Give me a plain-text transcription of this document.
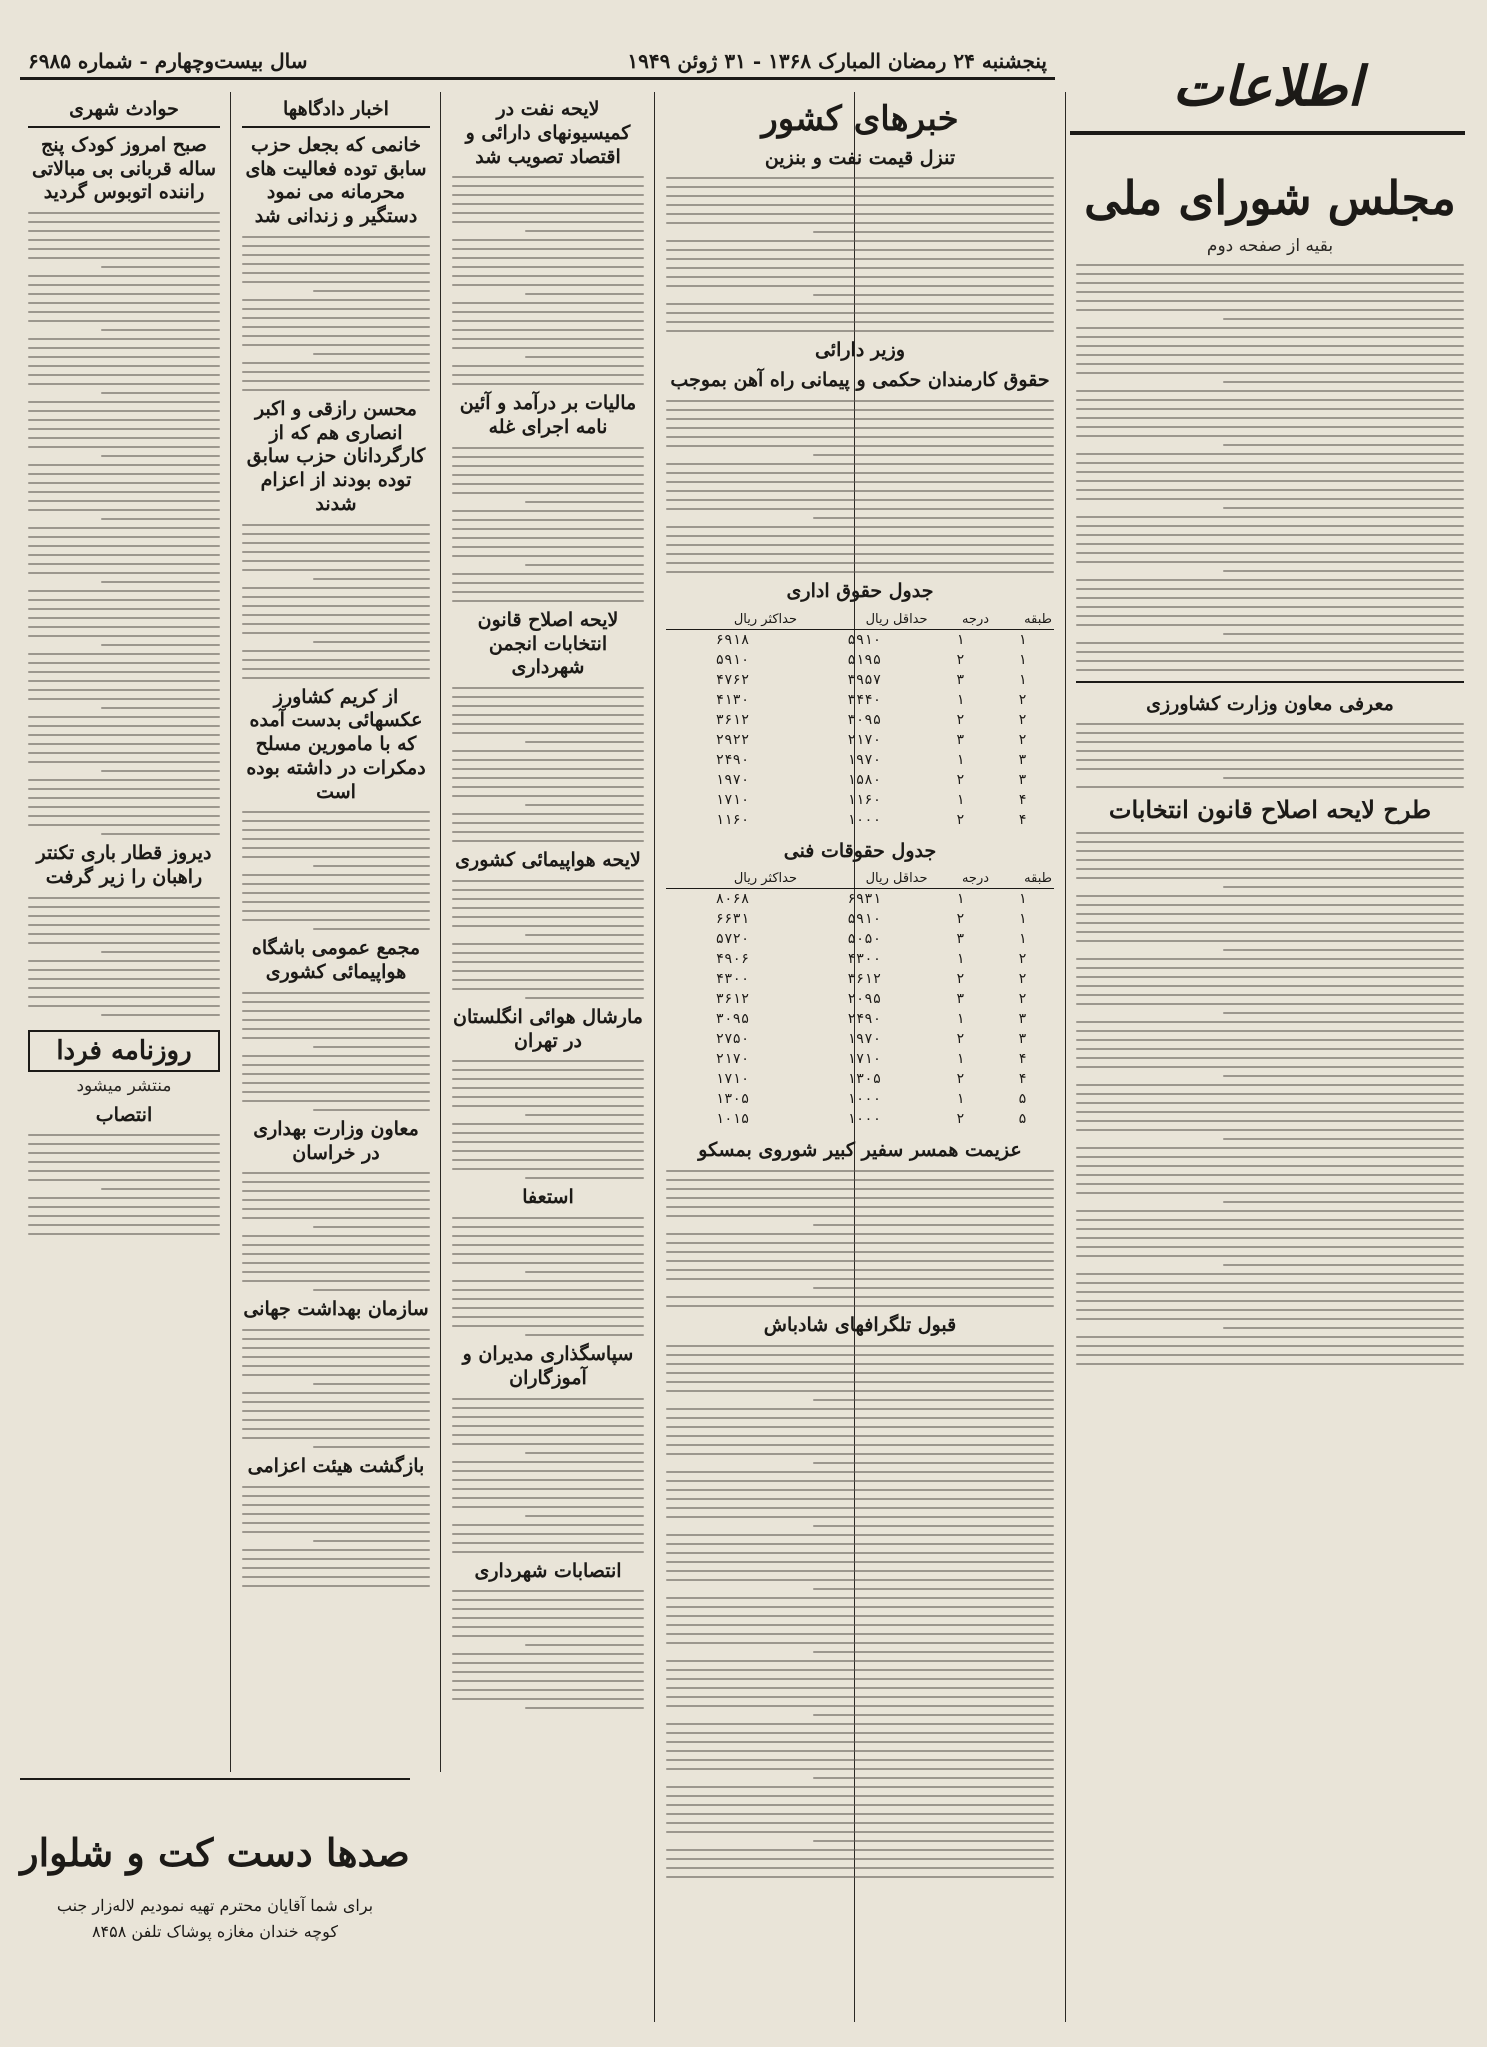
پنجشنبه ۲۴ رمضان المبارک ۱۳۶۸ - ۳۱ ژوئن ۱۹۴۹
سال بیست‌وچهارم - شماره ۶۹۸۵	اطلاعات
مجلس شورای ملی
بقیه از صفحه دوم
معرفی معاون وزارت کشاورزی
طرح لایحه اصلاح قانون انتخابات
خبرهای کشور
تنزل قیمت نفت و بنزین
وزیر دارائی
حقوق کارمندان حکمی و پیمانی راه آهن بموجب
جدول حقوق اداری
طبقه	درجه	حداقل ریال	حداکثر ریال
۱	۱	۵۹۱۰	۶۹۱۸
۱	۲	۵۱۹۵	۵۹۱۰
۱	۳	۳۹۵۷	۴۷۶۲
۲	۱	۳۴۴۰	۴۱۳۰
۲	۲	۳۰۹۵	۳۶۱۲
۲	۳	۲۱۷۰	۲۹۲۲
۳	۱	۱۹۷۰	۲۴۹۰
۳	۲	۱۵۸۰	۱۹۷۰
۴	۱	۱۱۶۰	۱۷۱۰
۴	۲	۱۰۰۰	۱۱۶۰
جدول حقوقات فنی
طبقه	درجه	حداقل ریال	حداکثر ریال
۱	۱	۶۹۳۱	۸۰۶۸
۱	۲	۵۹۱۰	۶۶۳۱
۱	۳	۵۰۵۰	۵۷۲۰
۲	۱	۴۳۰۰	۴۹۰۶
۲	۲	۳۶۱۲	۴۳۰۰
۲	۳	۲۰۹۵	۳۶۱۲
۳	۱	۲۴۹۰	۳۰۹۵
۳	۲	۱۹۷۰	۲۷۵۰
۴	۱	۱۷۱۰	۲۱۷۰
۴	۲	۱۳۰۵	۱۷۱۰
۵	۱	۱۰۰۰	۱۳۰۵
۵	۲	۱۰۰۰	۱۰۱۵
عزیمت همسر سفیر کبیر شوروی بمسکو
قبول تلگرافهای شادباش
لایحه نفت در کمیسیونهای دارائی و اقتصاد تصویب شد
مالیات بر درآمد و آئین نامه اجرای غله
لایحه اصلاح قانون انتخابات انجمن شهرداری
لایحه هواپیمائی کشوری
مارشال هوائی انگلستان در تهران
استعفا
سپاسگذاری مدیران و آموزگاران
انتصابات شهرداری
اخبار دادگاهها
خانمی که بجعل حزب سابق توده فعالیت های محرمانه می نمود دستگیر و زندانی شد
محسن رازقی و اکبر انصاری هم که از کارگردانان حزب سابق توده بودند از اعزام شدند
از کریم کشاورز عکسهائی بدست آمده که با مامورین مسلح دمکرات در داشته بوده است
مجمع عمومی باشگاه هواپیمائی کشوری
معاون وزارت بهداری در خراسان
سازمان بهداشت جهانی
بازگشت هیئت اعزامی
حوادث شهری
صبح امروز کودک پنج ساله قربانی بی مبالاتی راننده اتوبوس گردید
دیروز قطار باری تکنتر راهبان را زیر گرفت
روزنامه فردا
منتشر میشود
انتصاب
صدها دست کت و شلوار
برای شما آقایان محترم تهیه نمودیم لاله‌زار جنب
کوچه خندان مغازه پوشاک تلفن ۸۴۵۸
